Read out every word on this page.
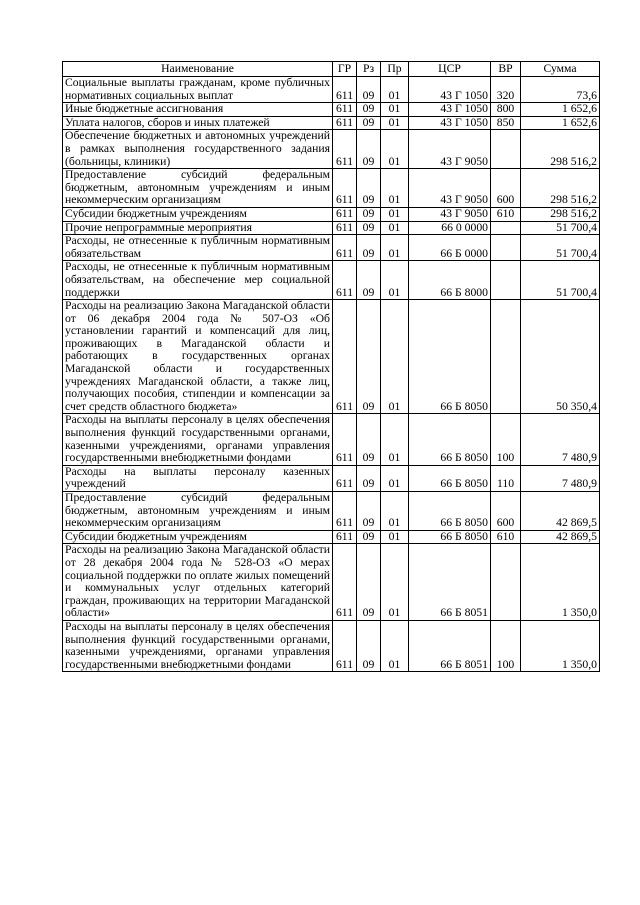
Наименование	ГР	Рз	Пр	ЦСР	ВР	Сумма
Социальные выплаты гражданам, кроме публичных нормативных социальных выплат	611	09	01	43 Г 1050	320	73,6
Иные бюджетные ассигнования	611	09	01	43 Г 1050	800	1 652,6
Уплата налогов, сборов и иных платежей	611	09	01	43 Г 1050	850	1 652,6
Обеспечение бюджетных и автономных учреждений в рамках выполнения государственного задания (больницы, клиники)	611	09	01	43 Г 9050		298 516,2
Предоставление субсидий федеральным бюджетным, автономным учреждениям и иным некоммерческим организациям	611	09	01	43 Г 9050	600	298 516,2
Субсидии бюджетным учреждениям	611	09	01	43 Г 9050	610	298 516,2
Прочие непрограммные мероприятия	611	09	01	66 0 0000		51 700,4
Расходы, не отнесенные к публичным нормативным обязательствам	611	09	01	66 Б 0000		51 700,4
Расходы, не отнесенные к публичным нормативным обязательствам, на обеспечение мер социальной поддержки	611	09	01	66 Б 8000		51 700,4
Расходы на реализацию Закона Магаданской области от 06 декабря 2004 года № 507-ОЗ «Об установлении гарантий и компенсаций для лиц, проживающих в Магаданской области и работающих в государственных органах Магаданской области и государственных учреждениях Магаданской области, а также лиц, получающих пособия, стипендии и компенсации за счет средств областного бюджета»	611	09	01	66 Б 8050		50 350,4
Расходы на выплаты персоналу в целях обеспечения выполнения функций государственными органами, казенными учреждениями, органами управления государственными внебюджетными фондами	611	09	01	66 Б 8050	100	7 480,9
Расходы на выплаты персоналу казенных учреждений	611	09	01	66 Б 8050	110	7 480,9
Предоставление субсидий федеральным бюджетным, автономным учреждениям и иным некоммерческим организациям	611	09	01	66 Б 8050	600	42 869,5
Субсидии бюджетным учреждениям	611	09	01	66 Б 8050	610	42 869,5
Расходы на реализацию Закона Магаданской области от 28 декабря 2004 года № 528-ОЗ «О мерах социальной поддержки по оплате жилых помещений и коммунальных услуг отдельных категорий граждан, проживающих на территории Магаданской области»	611	09	01	66 Б 8051		1 350,0
Расходы на выплаты персоналу в целях обеспечения выполнения функций государственными органами, казенными учреждениями, органами управления государственными внебюджетными фондами	611	09	01	66 Б 8051	100	1 350,0
